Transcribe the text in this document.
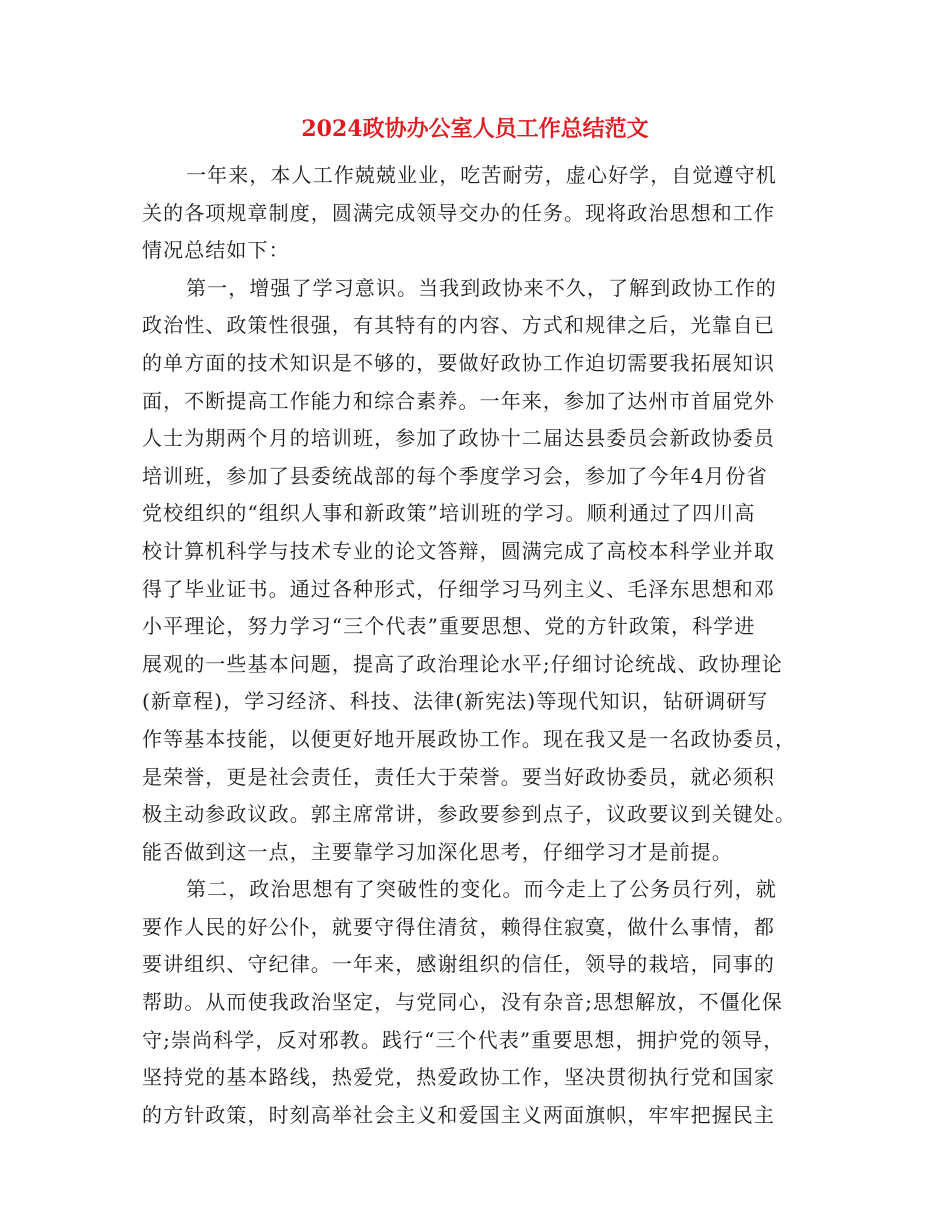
2024政协办公室人员工作总结范文
一年来，本人工作兢兢业业，吃苦耐劳，虚心好学，自觉遵守机
关的各项规章制度，圆满完成领导交办的任务。现将政治思想和工作
情况总结如下：
第一，增强了学习意识。当我到政协来不久，了解到政协工作的
政治性、政策性很强，有其特有的内容、方式和规律之后，光靠自已
的单方面的技术知识是不够的，要做好政协工作迫切需要我拓展知识
面，不断提高工作能力和综合素养。一年来，参加了达州市首届党外
人士为期两个月的培训班，参加了政协十二届达县委员会新政协委员
培训班，参加了县委统战部的每个季度学习会，参加了今年4月份省
党校组织的“组织人事和新政策”培训班的学习。顺利通过了四川高
校计算机科学与技术专业的论文答辩，圆满完成了高校本科学业并取
得了毕业证书。通过各种形式，仔细学习马列主义、毛泽东思想和邓
小平理论，努力学习“三个代表”重要思想、党的方针政策，科学进
展观的一些基本问题，提高了政治理论水平;仔细讨论统战、政协理论
(新章程)，学习经济、科技、法律(新宪法)等现代知识，钻研调研写
作等基本技能，以便更好地开展政协工作。现在我又是一名政协委员，
是荣誉，更是社会责任，责任大于荣誉。要当好政协委员，就必须积
极主动参政议政。郭主席常讲，参政要参到点子，议政要议到关键处。
能否做到这一点，主要靠学习加深化思考，仔细学习才是前提。
第二，政治思想有了突破性的变化。而今走上了公务员行列，就
要作人民的好公仆，就要守得住清贫，赖得住寂寞，做什么事情，都
要讲组织、守纪律。一年来，感谢组织的信任，领导的栽培，同事的
帮助。从而使我政治坚定，与党同心，没有杂音;思想解放，不僵化保
守;崇尚科学，反对邪教。践行“三个代表”重要思想，拥护党的领导，
坚持党的基本路线，热爱党，热爱政协工作，坚决贯彻执行党和国家
的方针政策，时刻高举社会主义和爱国主义两面旗帜，牢牢把握民主
